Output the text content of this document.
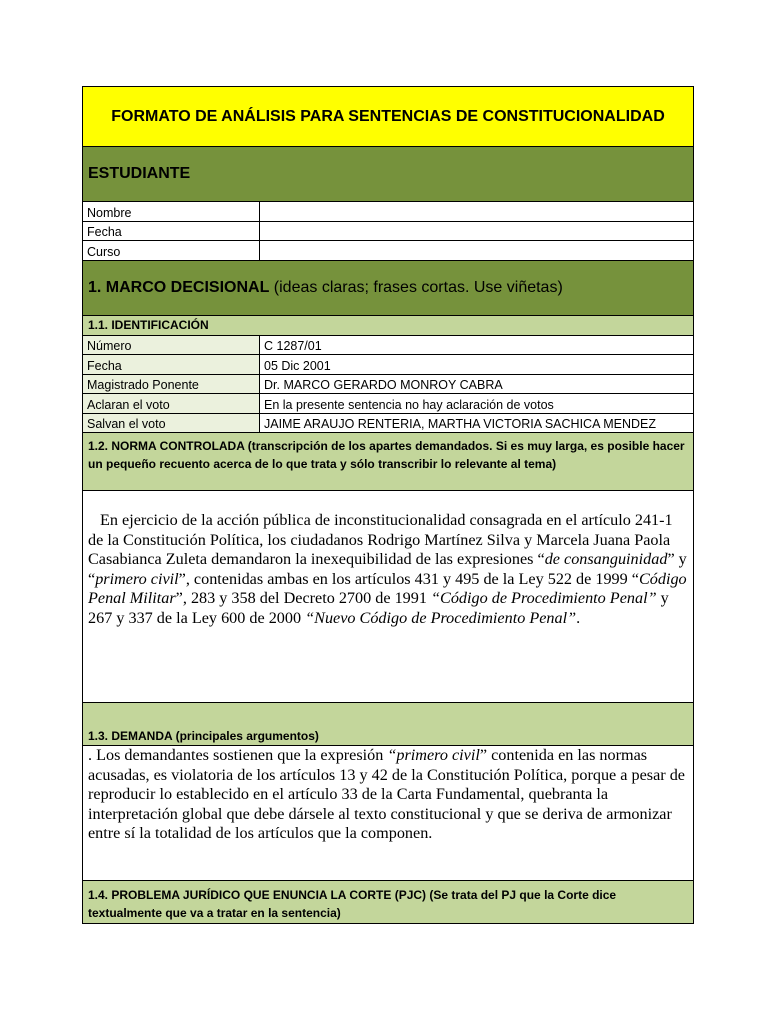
FORMATO DE ANÁLISIS PARA SENTENCIAS DE CONSTITUCIONALIDAD
ESTUDIANTE
Nombre
Fecha
Curso
1. MARCO DECISIONAL (ideas claras; frases cortas. Use viñetas)
1.1. IDENTIFICACIÓN
Número	C 1287/01
Fecha	05 Dic 2001
Magistrado Ponente	Dr. MARCO GERARDO MONROY CABRA
Aclaran el voto	En la presente sentencia no hay aclaración de votos
Salvan el voto	JAIME ARAUJO RENTERIA, MARTHA VICTORIA SACHICA MENDEZ
1.2. NORMA CONTROLADA (transcripción de los apartes demandados. Si es muy larga, es posible hacer un pequeño recuento acerca de lo que trata y sólo transcribir lo relevante al tema)
En ejercicio de la acción pública de inconstitucionalidad consagrada en el artículo 241-1 de la Constitución Política, los ciudadanos Rodrigo Martínez Silva y Marcela Juana Paola Casabianca Zuleta demandaron la inexequibilidad de las expresiones “de consanguinidad” y “primero civil”, contenidas ambas en los artículos 431 y 495 de la Ley 522 de 1999 “Código Penal Militar”, 283 y 358 del Decreto 2700 de 1991 “Código de Procedimiento Penal” y 267 y 337 de la Ley 600 de 2000 “Nuevo Código de Procedimiento Penal”.
1.3. DEMANDA (principales argumentos)
. Los demandantes sostienen que la expresión “primero civil” contenida en las normas acusadas, es violatoria de los artículos 13 y 42 de la Constitución Política, porque a pesar de reproducir lo establecido en el artículo 33 de la Carta Fundamental, quebranta la interpretación global que debe dársele al texto constitucional y que se deriva de armonizar entre sí la totalidad de los artículos que la componen.
1.4. PROBLEMA JURÍDICO QUE ENUNCIA LA CORTE (PJC) (Se trata del PJ que la Corte dice textualmente que va a tratar en la sentencia)
